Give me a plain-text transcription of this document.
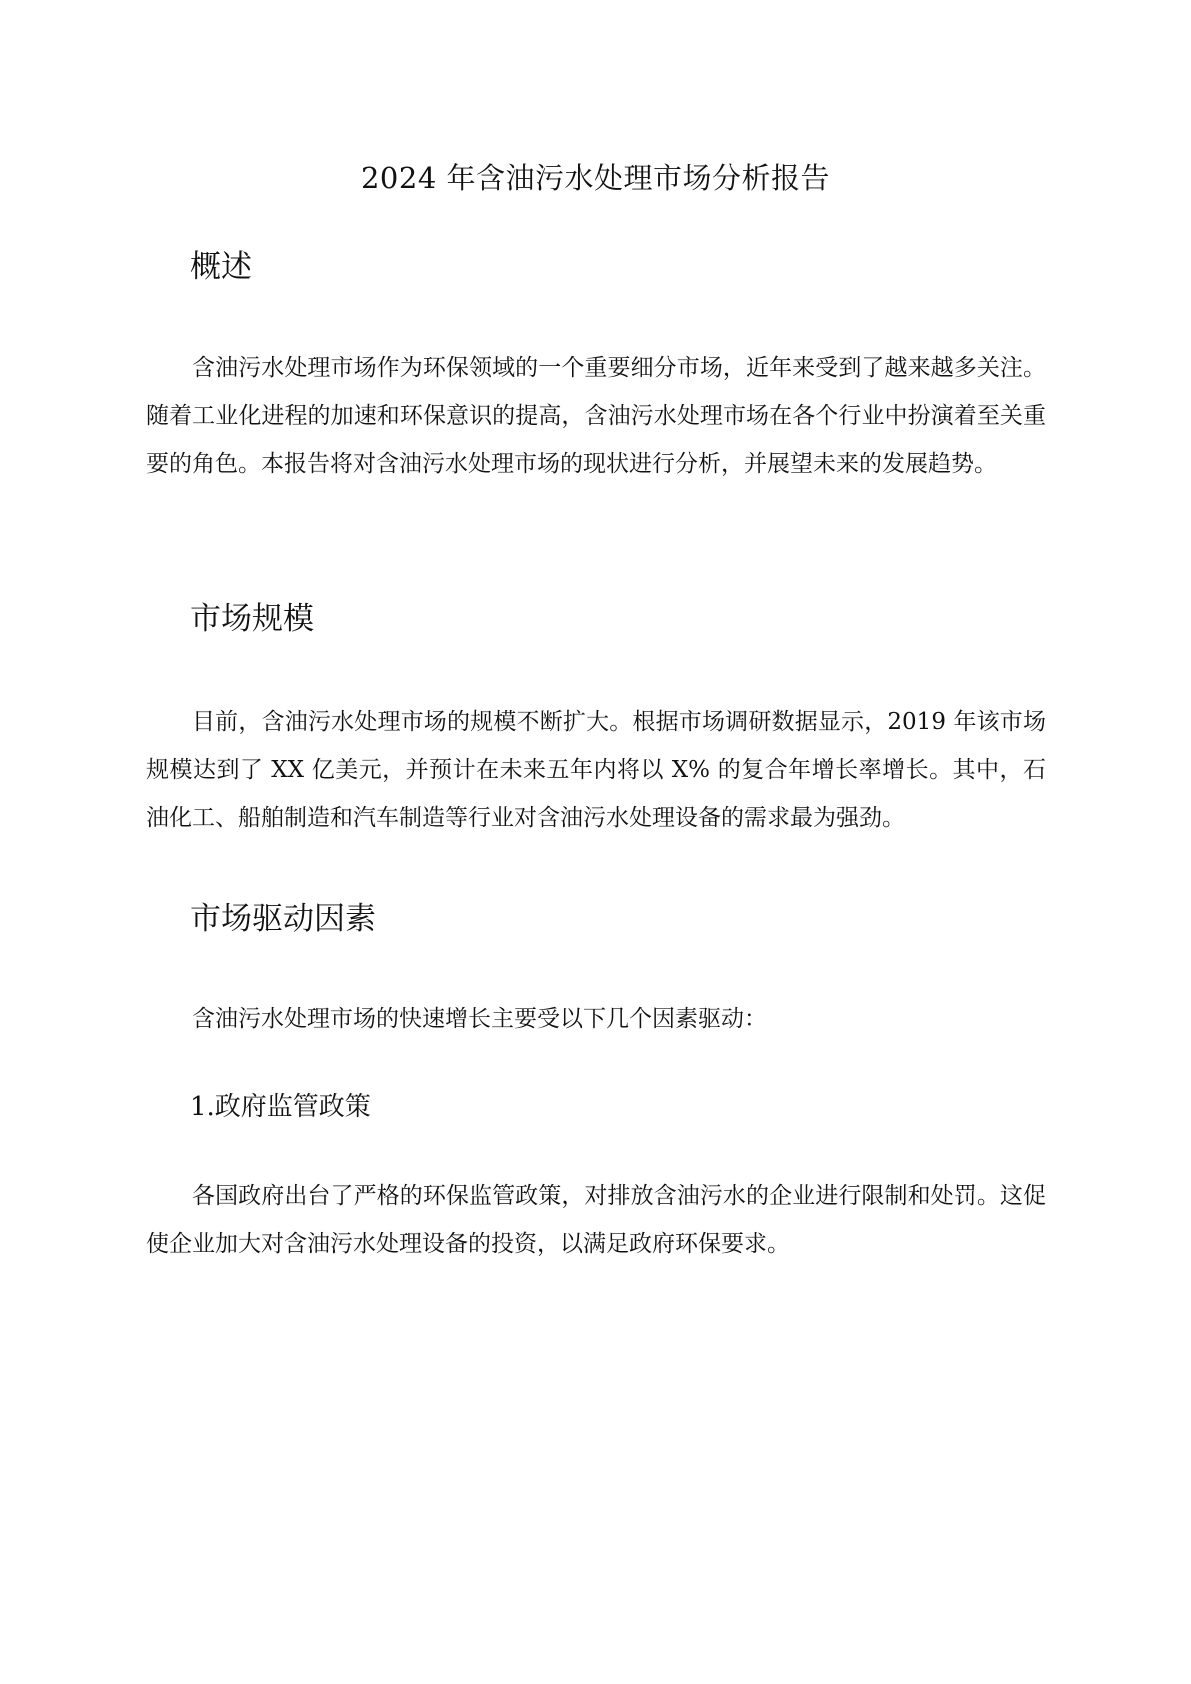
2024 年含油污水处理市场分析报告
概述

含油污水处理市场作为环保领域的一个重要细分市场，近年来受到了越来越多关注。随着工业化进程的加速和环保意识的提高，含油污水处理市场在各个行业中扮演着至关重要的角色。本报告将对含油污水处理市场的现状进行分析，并展望未来的发展趋势。

市场规模

目前，含油污水处理市场的规模不断扩大。根据市场调研数据显示，2019 年该市场规模达到了 XX 亿美元，并预计在未来五年内将以 X% 的复合年增长率增长。其中，石油化工、船舶制造和汽车制造等行业对含油污水处理设备的需求最为强劲。

市场驱动因素

含油污水处理市场的快速增长主要受以下几个因素驱动：

1.政府监管政策

各国政府出台了严格的环保监管政策，对排放含油污水的企业进行限制和处罚。这促使企业加大对含油污水处理设备的投资，以满足政府环保要求。
